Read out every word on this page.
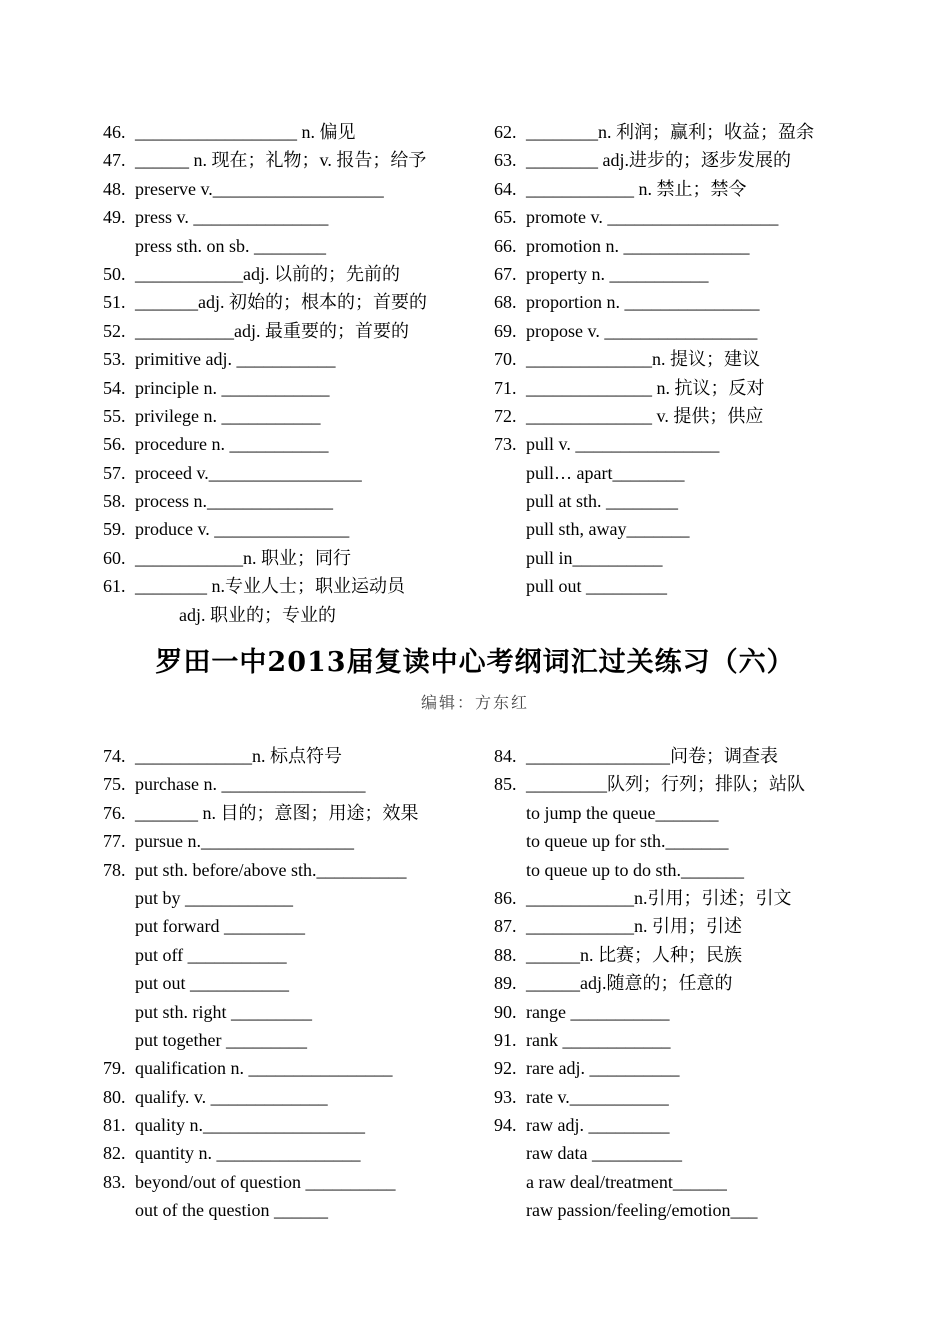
46. __________________ n. 偏见
47. ______ n. 现在；礼物；v. 报告；给予
48. preserve v.___________________
49. press v. _______________
press sth. on sb. ________
50. ____________adj. 以前的；先前的
51. _______adj. 初始的；根本的；首要的
52. ___________adj. 最重要的；首要的
53. primitive adj. ___________
54. principle n. ____________
55. privilege n. ___________
56. procedure n. ___________
57. proceed v._________________
58. process n.______________
59. produce v. _______________
60. ____________n. 职业；同行
61. ________ n.专业人士；职业运动员
adj. 职业的；专业的
62. ________n. 利润；赢利；收益；盈余
63. ________ adj.进步的；逐步发展的
64. ____________ n. 禁止；禁令
65. promote v. ___________________
66. promotion n. ______________
67. property n. ___________
68. proportion n. _______________
69. propose v. _________________
70. ______________n. 提议；建议
71. ______________ n. 抗议；反对
72. ______________ v. 提供；供应
73. pull v. ________________
pull… apart________
pull at sth. ________
pull sth, away_______
pull in__________
pull out _________
罗田一中2013届复读中心考纲词汇过关练习（六）
编辑：方东红
74. _____________n. 标点符号
75. purchase n. ________________
76. _______ n. 目的；意图；用途；效果
77. pursue n._________________
78. put sth. before/above sth.__________
put by ____________
put forward _________
put off ___________
put out ___________
put sth. right _________
put together _________
79. qualification n. ________________
80. qualify. v. _____________
81. quality n.__________________
82. quantity n. ________________
83. beyond/out of question __________
out of the question ______
84. ________________问卷；调查表
85. _________队列；行列；排队；站队
to jump the queue_______
to queue up for sth._______
to queue up to do sth._______
86. ____________n.引用；引述；引文
87. ____________n. 引用；引述
88. ______n. 比赛；人种；民族
89. ______adj.随意的；任意的
90. range ___________
91. rank ____________
92. rare adj. __________
93. rate v.___________
94. raw adj. _________
raw data __________
a raw deal/treatment______
raw passion/feeling/emotion___
